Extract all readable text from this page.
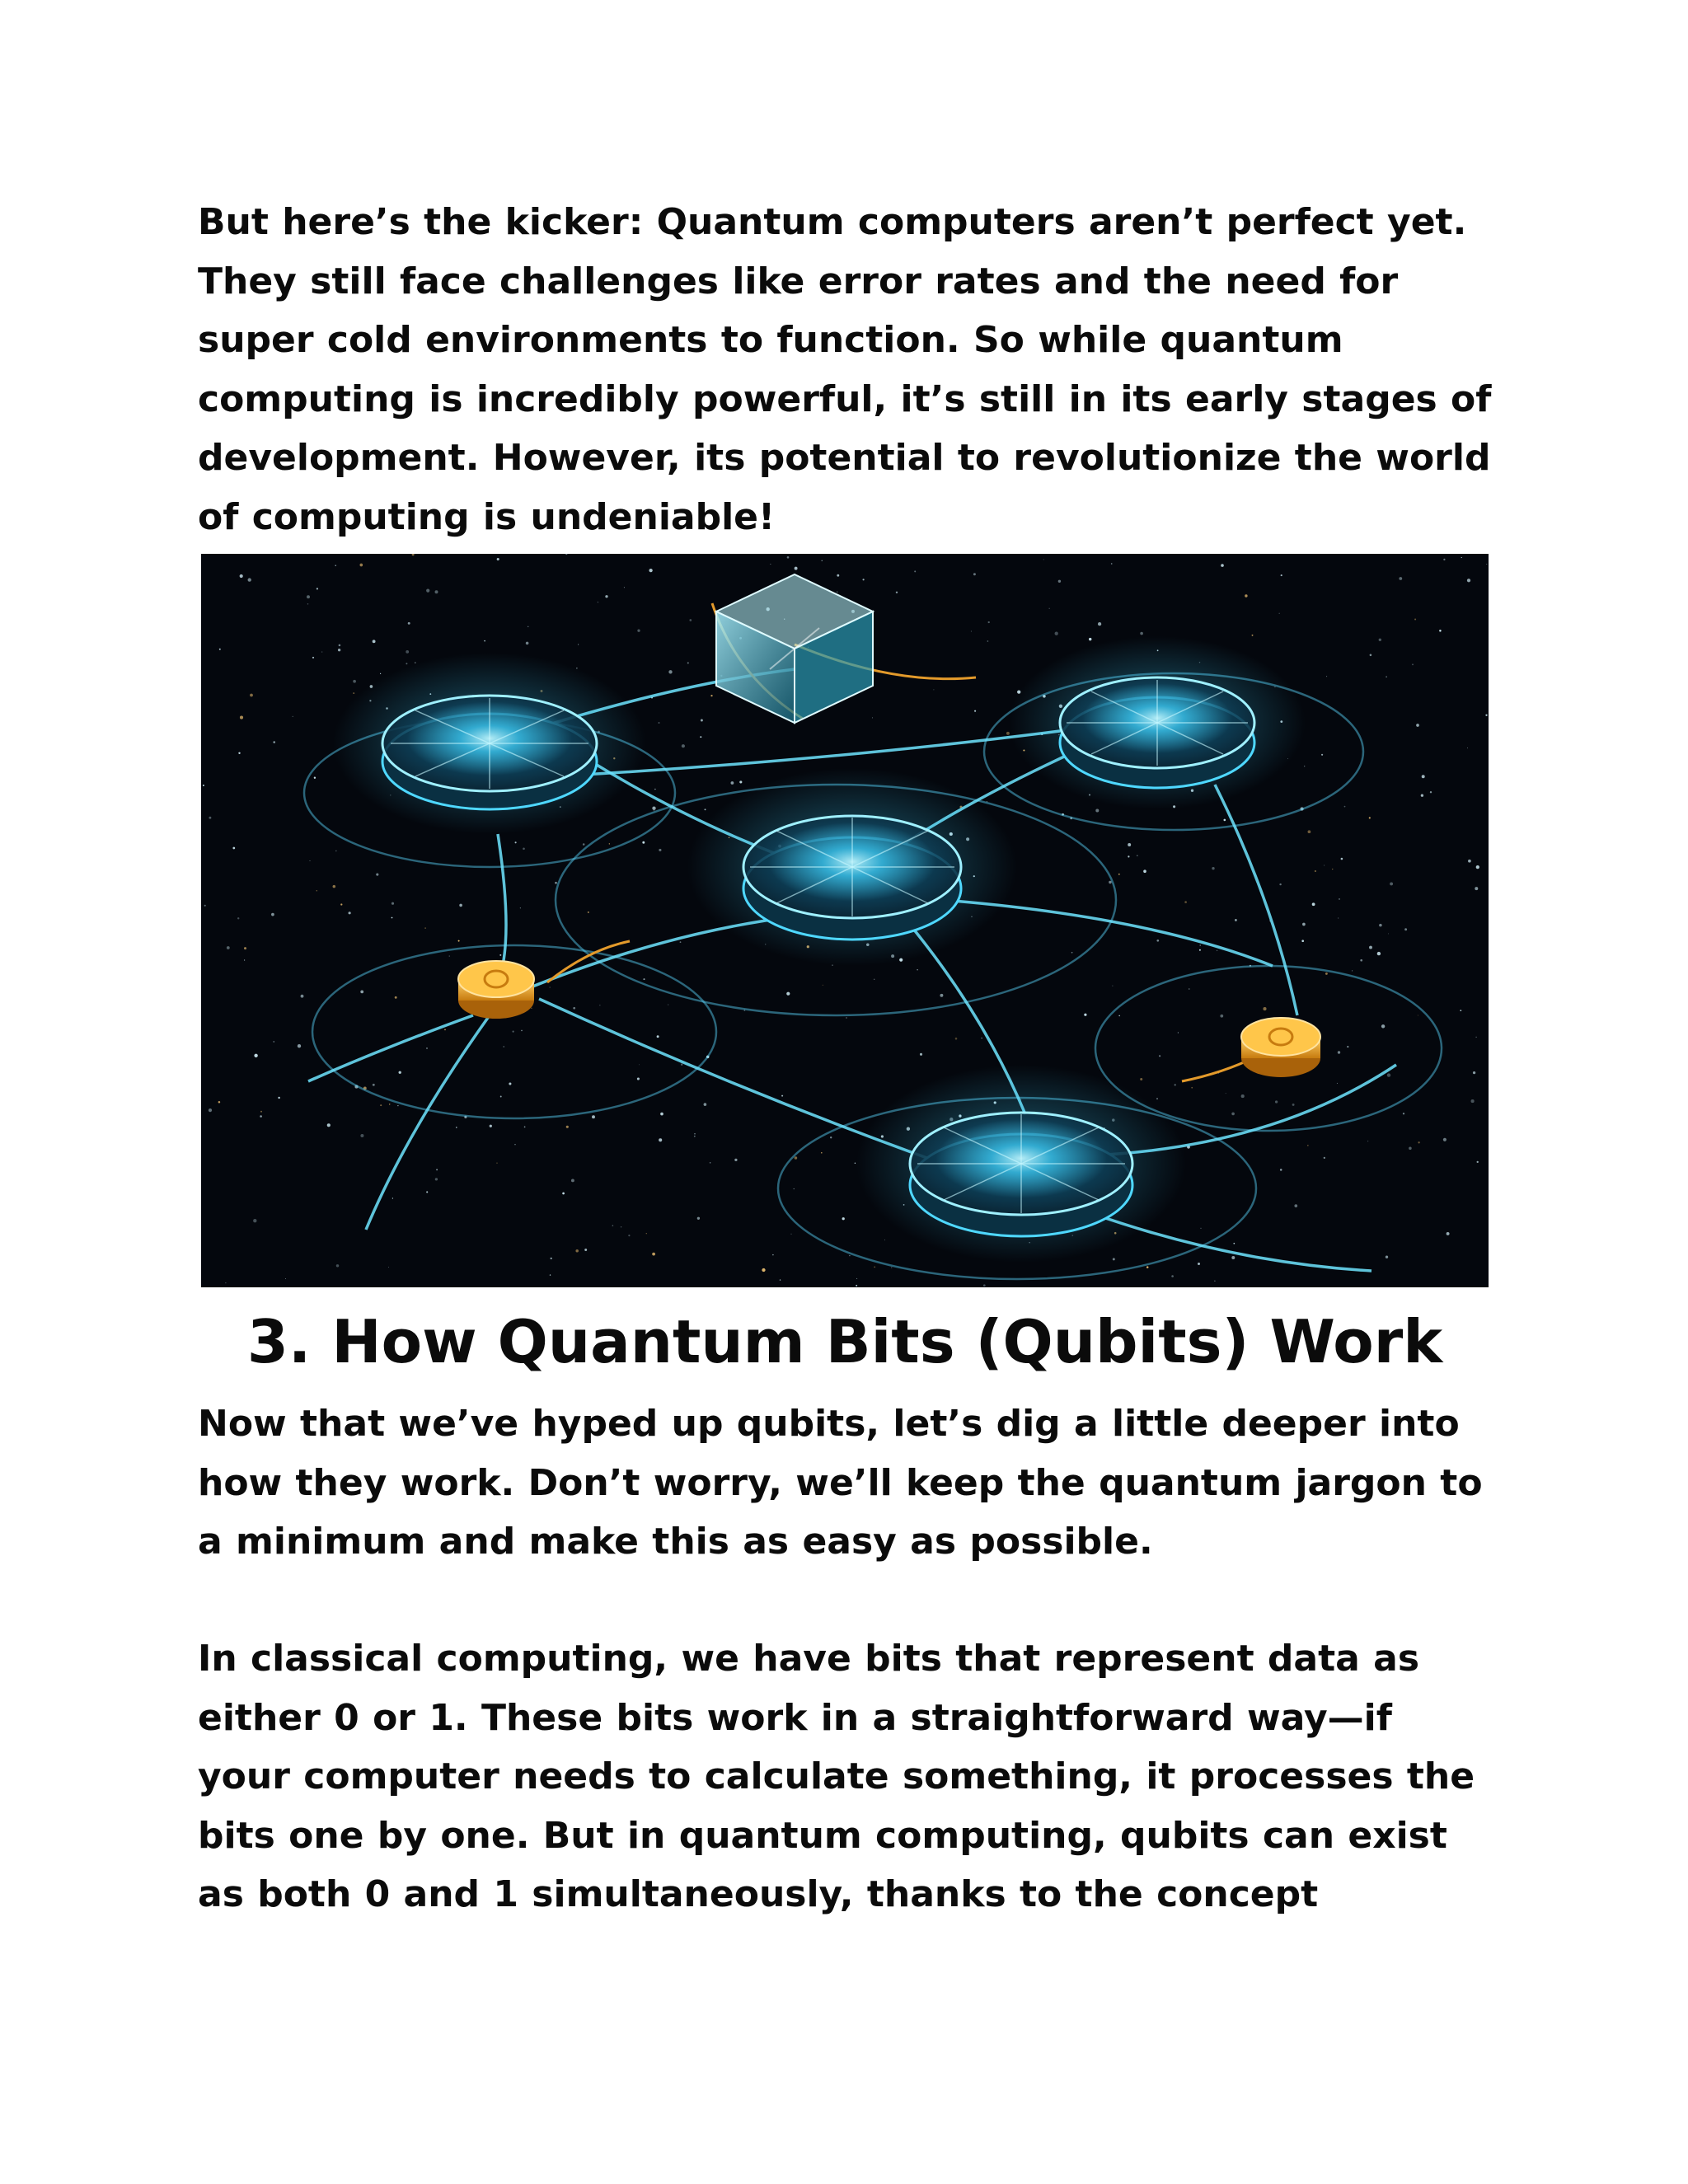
But here’s the kicker: Quantum computers aren’t perfect yet. They still face challenges like error rates and the need for super cold environments to function. So while quantum computing is incredibly powerful, it’s still in its early stages of development. However, its potential to revolutionize the world of computing is undeniable!

3. How Quantum Bits (Qubits) Work

Now that we’ve hyped up qubits, let’s dig a little deeper into how they work. Don’t worry, we’ll keep the quantum jargon to a minimum and make this as easy as possible.

In classical computing, we have bits that represent data as either 0 or 1. These bits work in a straightforward way—if your computer needs to calculate something, it processes the bits one by one. But in quantum computing, qubits can exist as both 0 and 1 simultaneously, thanks to the concept
